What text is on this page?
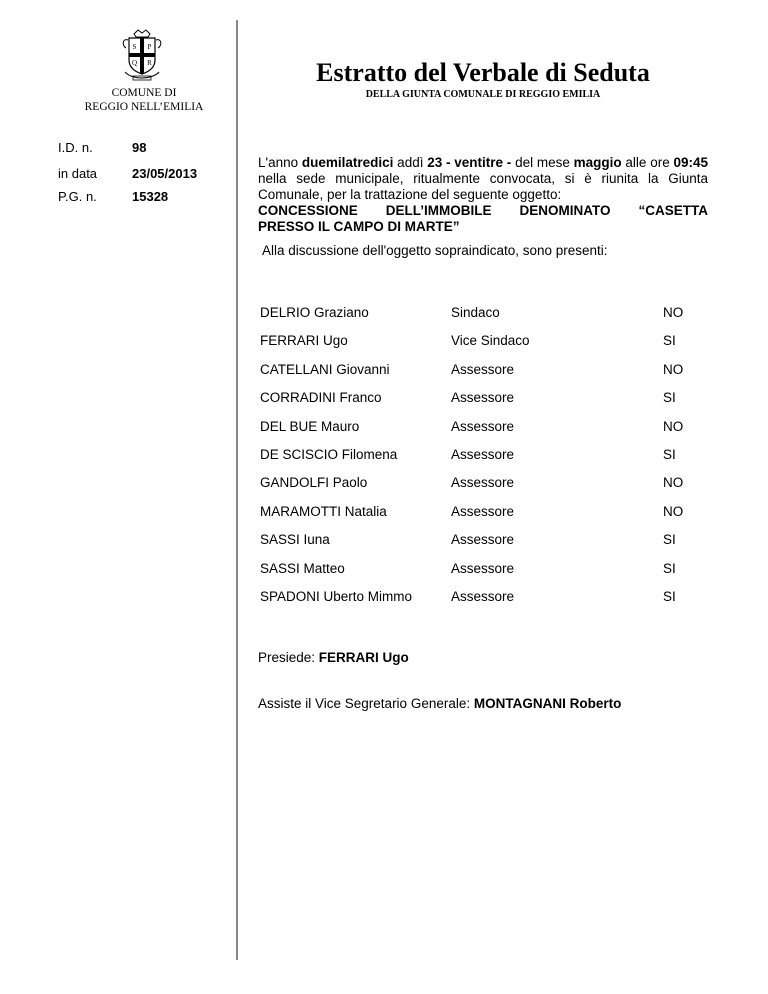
S P
Q R
COMUNE DI
REGGIO NELL’EMILIA
I.D. n.	98
in data	23/05/2013
P.G. n.	15328
Estratto del Verbale di Seduta
DELLA GIUNTA COMUNALE DI REGGIO EMILIA
L'anno duemilatredici addì 23 - ventitre - del mese maggio alle ore 09:45 nella sede municipale, ritualmente convocata, si è riunita la Giunta Comunale, per la trattazione del seguente oggetto:
CONCESSIONE DELL’IMMOBILE DENOMINATO “CASETTA
PRESSO IL CAMPO DI MARTE”
Alla discussione dell'oggetto sopraindicato, sono presenti:
DELRIO Graziano	Sindaco	NO
FERRARI Ugo	Vice Sindaco	SI
CATELLANI Giovanni	Assessore	NO
CORRADINI Franco	Assessore	SI
DEL BUE Mauro	Assessore	NO
DE SCISCIO Filomena	Assessore	SI
GANDOLFI Paolo	Assessore	NO
MARAMOTTI Natalia	Assessore	NO
SASSI Iuna	Assessore	SI
SASSI Matteo	Assessore	SI
SPADONI Uberto Mimmo	Assessore	SI
Presiede: FERRARI Ugo
Assiste il Vice Segretario Generale: MONTAGNANI Roberto
